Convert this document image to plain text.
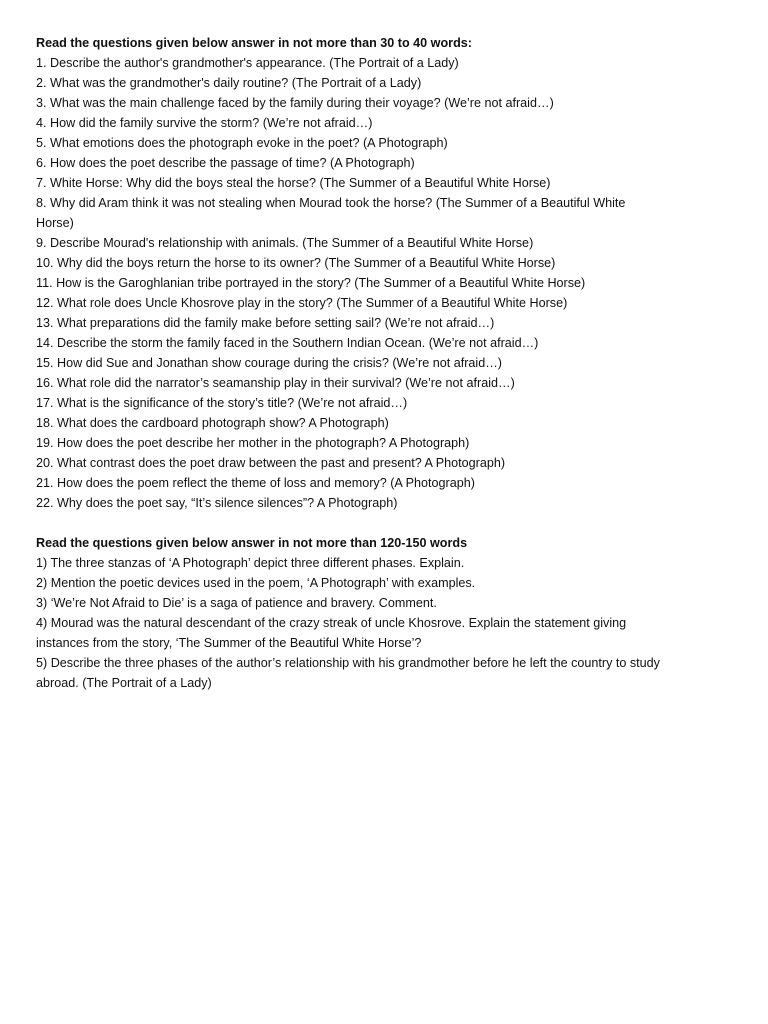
Read the questions given below answer in not more than 30 to 40 words:

1. Describe the author's grandmother's appearance. (The Portrait of a Lady)
2. What was the grandmother's daily routine? (The Portrait of a Lady)
3. What was the main challenge faced by the family during their voyage? (We’re not afraid…)
4. How did the family survive the storm? (We’re not afraid…)
5. What emotions does the photograph evoke in the poet? (A Photograph)
6. How does the poet describe the passage of time? (A Photograph)
7. White Horse: Why did the boys steal the horse? (The Summer of a Beautiful White Horse)
8. Why did Aram think it was not stealing when Mourad took the horse? (The Summer of a Beautiful White Horse)
9. Describe Mourad's relationship with animals. (The Summer of a Beautiful White Horse)
10. Why did the boys return the horse to its owner? (The Summer of a Beautiful White Horse)
11. How is the Garoghlanian tribe portrayed in the story? (The Summer of a Beautiful White Horse)
12. What role does Uncle Khosrove play in the story? (The Summer of a Beautiful White Horse)
13. What preparations did the family make before setting sail? (We’re not afraid…)
14. Describe the storm the family faced in the Southern Indian Ocean. (We’re not afraid…)
15. How did Sue and Jonathan show courage during the crisis? (We’re not afraid…)
16. What role did the narrator’s seamanship play in their survival? (We’re not afraid…)
17. What is the significance of the story’s title? (We’re not afraid…)
18. What does the cardboard photograph show? A Photograph)
19. How does the poet describe her mother in the photograph? A Photograph)
20. What contrast does the poet draw between the past and present? A Photograph)
21. How does the poem reflect the theme of loss and memory? (A Photograph)
22. Why does the poet say, “It’s silence silences”? A Photograph)

Read the questions given below answer in not more than 120-150 words

1) The three stanzas of ‘A Photograph’ depict three different phases. Explain.
2) Mention the poetic devices used in the poem, ‘A Photograph’ with examples.
3) ‘We’re Not Afraid to Die’ is a saga of patience and bravery. Comment.
4) Mourad was the natural descendant of the crazy streak of uncle Khosrove. Explain the statement giving instances from the story, ‘The Summer of the Beautiful White Horse’?
5) Describe the three phases of the author’s relationship with his grandmother before he left the country to study abroad. (The Portrait of a Lady)
